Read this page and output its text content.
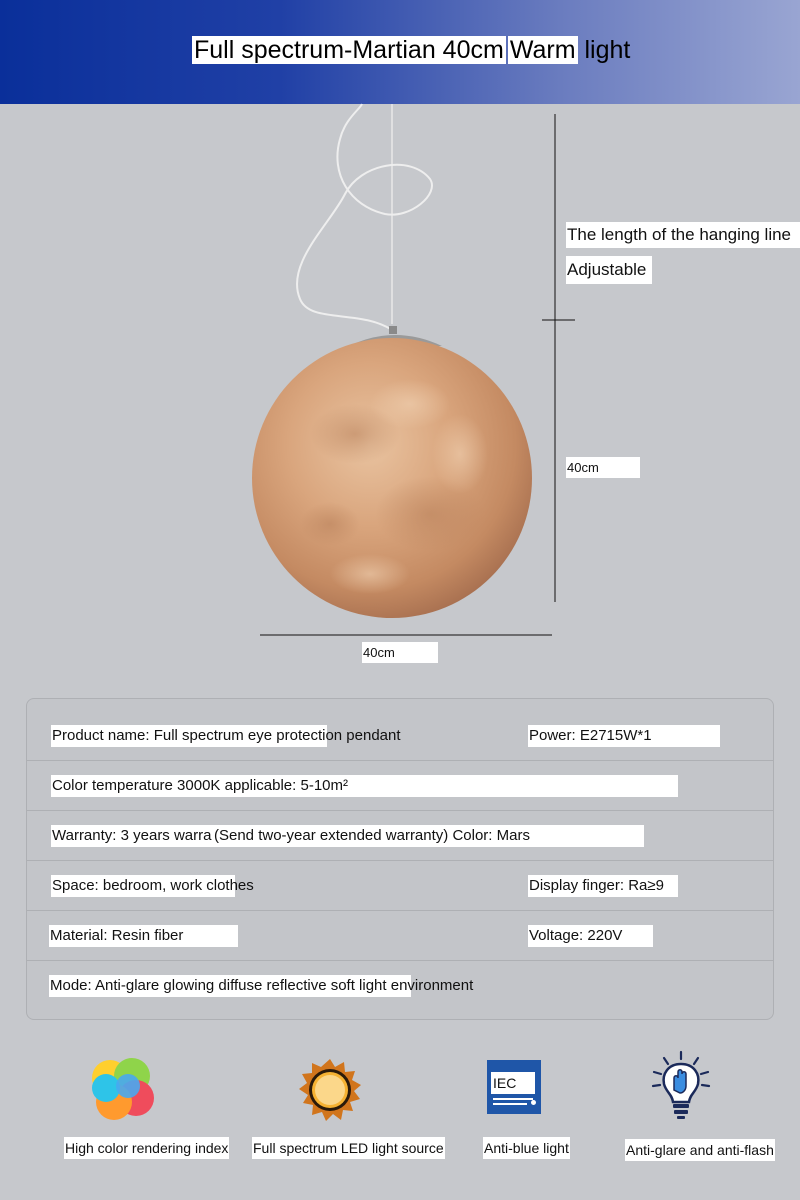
Full spectrum-Martian 40cm Warm light
The length of the hanging line
Adjustable
40cm
40cm
Product name: Full spectrum eye protection pendant	Power: E2715W*1
Color temperature 3000K applicable: 5-10m²
Warranty: 3 years warra (Send two-year extended warranty) Color: Mars
Space: bedroom, work clothes	Display finger: Ra≥9
Material: Resin fiber	Voltage: 220V
Mode: Anti-glare glowing diffuse reflective soft light environment
IEC
High color rendering index Full spectrum LED light source	Anti-blue light	Anti-glare and anti-flash
